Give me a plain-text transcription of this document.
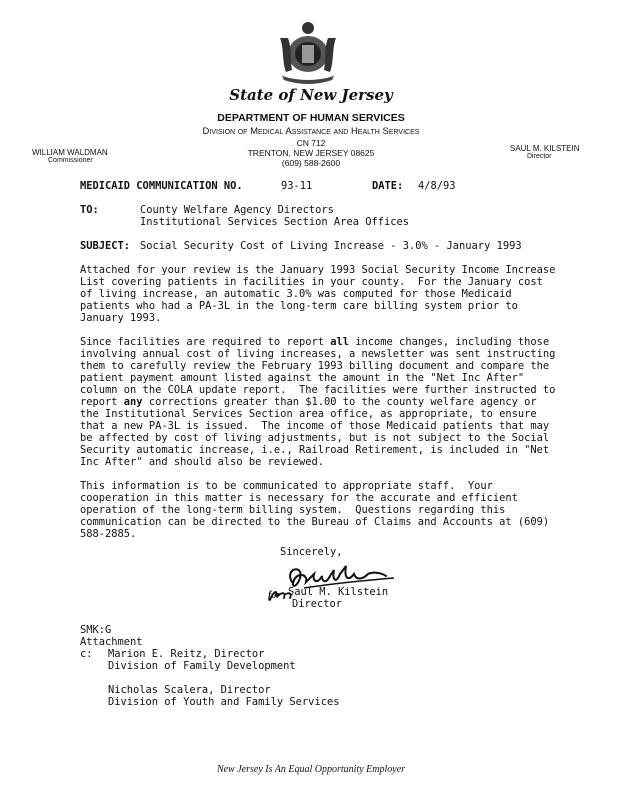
State of New Jersey
DEPARTMENT OF HUMAN SERVICES
Division of Medical Assistance and Health Services
CN 712
TRENTON, NEW JERSEY 08625
(609) 588-2600
WILLIAM WALDMAN
Commissioner
SAUL M. KILSTEIN
Director
MEDICAID COMMUNICATION NO.	93-11	DATE: 4/8/93
TO:	County Welfare Agency Directors
Institutional Services Section Area Offices
SUBJECT: Social Security Cost of Living Increase - 3.0% - January 1993
Attached for your review is the January 1993 Social Security Income Increase
List covering patients in facilities in your county.  For the January cost
of living increase, an automatic 3.0% was computed for those Medicaid
patients who had a PA-3L in the long-term care billing system prior to
January 1993.
Since facilities are required to report all income changes, including those
involving annual cost of living increases, a newsletter was sent instructing
them to carefully review the February 1993 billing document and compare the
patient payment amount listed against the amount in the "Net Inc After"
column on the COLA update report.  The facilities were further instructed to
report any corrections greater than $1.00 to the county welfare agency or
the Institutional Services Section area office, as appropriate, to ensure
that a new PA-3L is issued.  The income of those Medicaid patients that may
be affected by cost of living adjustments, but is not subject to the Social
Security automatic increase, i.e., Railroad Retirement, is included in "Net
Inc After" and should also be reviewed.
This information is to be communicated to appropriate staff.  Your
cooperation in this matter is necessary for the accurate and efficient
operation of the long-term billing system.  Questions regarding this
communication can be directed to the Bureau of Claims and Accounts at (609)
588-2885.
Sincerely,
for Saul M. Kilstein
Director
SMK:G
Attachment
c: Marion E. Reitz, Director
Division of Family Development
Nicholas Scalera, Director
Division of Youth and Family Services
New Jersey Is An Equal Opportunity Employer
